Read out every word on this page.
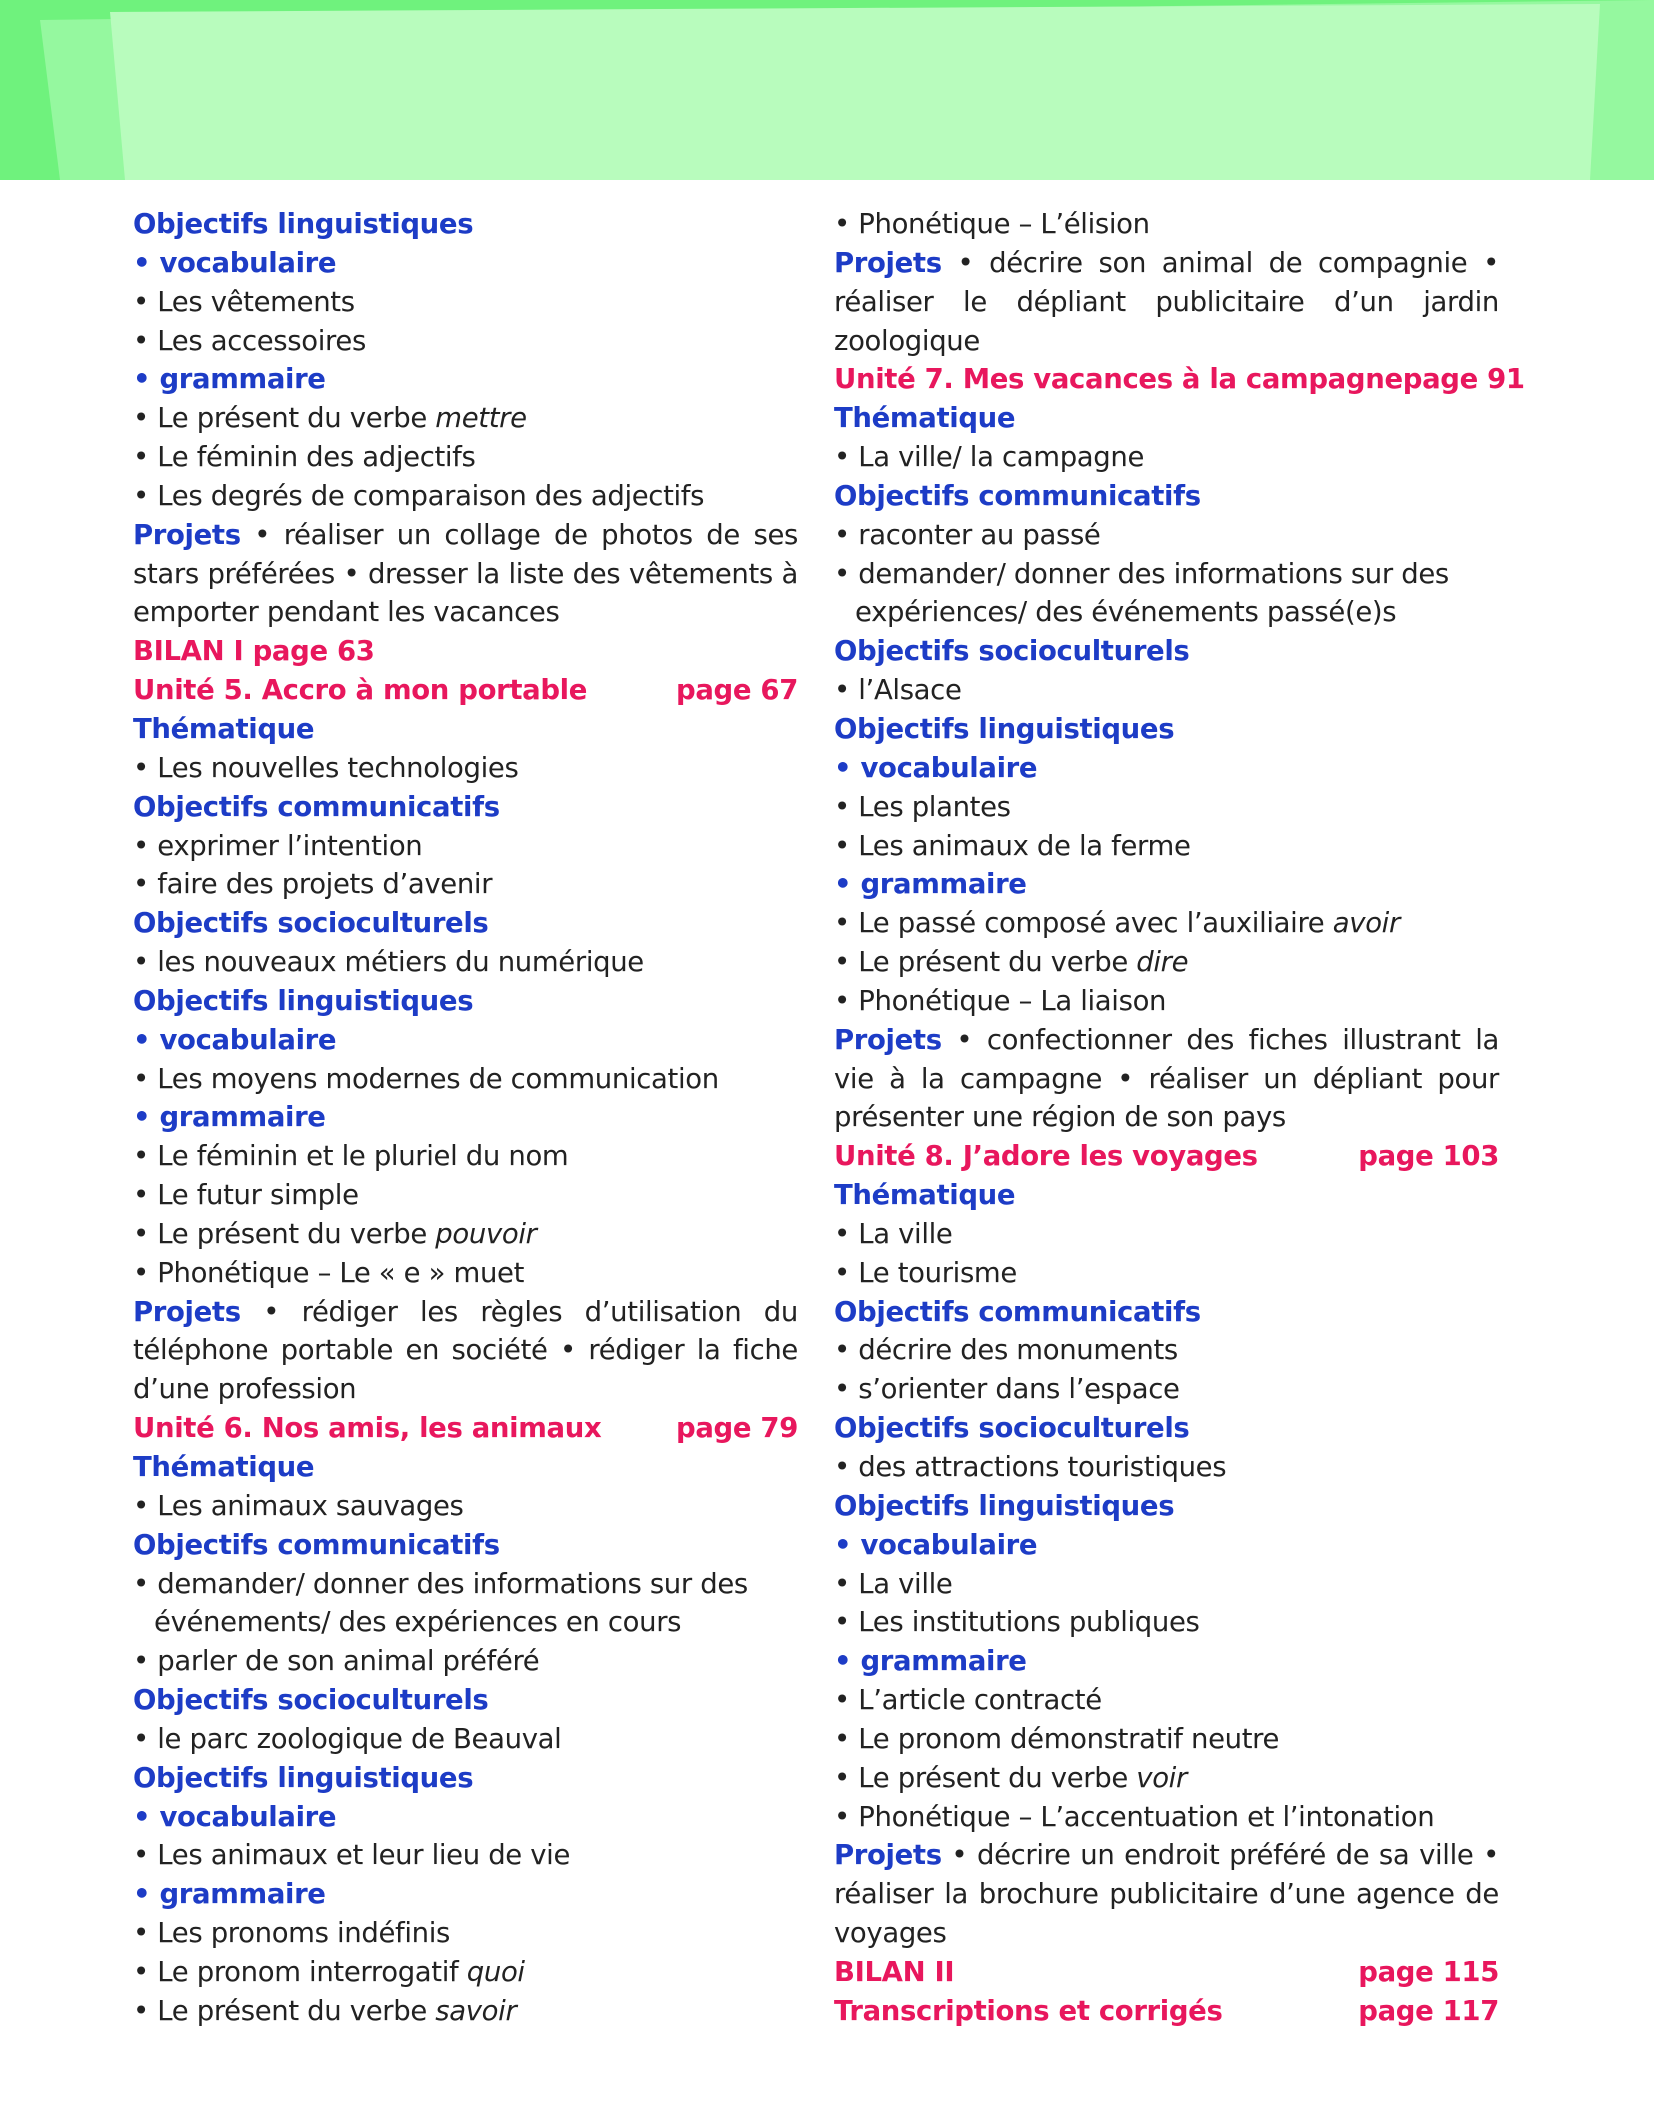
Objectifs linguistiques
• vocabulaire
• Les vêtements
• Les accessoires
• grammaire
• Le présent du verbe mettre
• Le féminin des adjectifs
• Les degrés de comparaison des adjectifs
Projets • réaliser un collage de photos de ses stars préférées • dresser la liste des vêtements à emporter pendant les vacances
BILAN I page 63
Unité 5. Accro à mon portable	page 67
Thématique
• Les nouvelles technologies
Objectifs communicatifs
• exprimer l’intention
• faire des projets d’avenir
Objectifs socioculturels
• les nouveaux métiers du numérique
Objectifs linguistiques
• vocabulaire
• Les moyens modernes de communication
• grammaire
• Le féminin et le pluriel du nom
• Le futur simple
• Le présent du verbe pouvoir
• Phonétique – Le « e » muet
Projets • rédiger les règles d’utilisation du téléphone portable en société • rédiger la fiche d’une profession
Unité 6. Nos amis, les animaux	page 79
Thématique
• Les animaux sauvages
Objectifs communicatifs
• demander/ donner des informations sur des
événements/ des expériences en cours
• parler de son animal préféré
Objectifs socioculturels
• le parc zoologique de Beauval
Objectifs linguistiques
• vocabulaire
• Les animaux et leur lieu de vie
• grammaire
• Les pronoms indéfinis
• Le pronom interrogatif quoi
• Le présent du verbe savoir
• Phonétique – L’élision
Projets • décrire son animal de compagnie • réaliser le dépliant publicitaire d’un jardin zoologique
Unité 7. Mes vacances à la campagne page 91
Thématique
• La ville/ la campagne
Objectifs communicatifs
• raconter au passé
• demander/ donner des informations sur des
expériences/ des événements passé(e)s
Objectifs socioculturels
• l’Alsace
Objectifs linguistiques
• vocabulaire
• Les plantes
• Les animaux de la ferme
• grammaire
• Le passé composé avec l’auxiliaire avoir
• Le présent du verbe dire
• Phonétique – La liaison
Projets • confectionner des fiches illustrant la vie à la campagne • réaliser un dépliant pour présenter une région de son pays
Unité 8. J’adore les voyages	page 103
Thématique
• La ville
• Le tourisme
Objectifs communicatifs
• décrire des monuments
• s’orienter dans l’espace
Objectifs socioculturels
• des attractions touristiques
Objectifs linguistiques
• vocabulaire
• La ville
• Les institutions publiques
• grammaire
• L’article contracté
• Le pronom démonstratif neutre
• Le présent du verbe voir
• Phonétique – L’accentuation et l’intonation
Projets • décrire un endroit préféré de sa ville • réaliser la brochure publicitaire d’une agence de voyages
BILAN II	page 115
Transcriptions et corrigés	page 117
